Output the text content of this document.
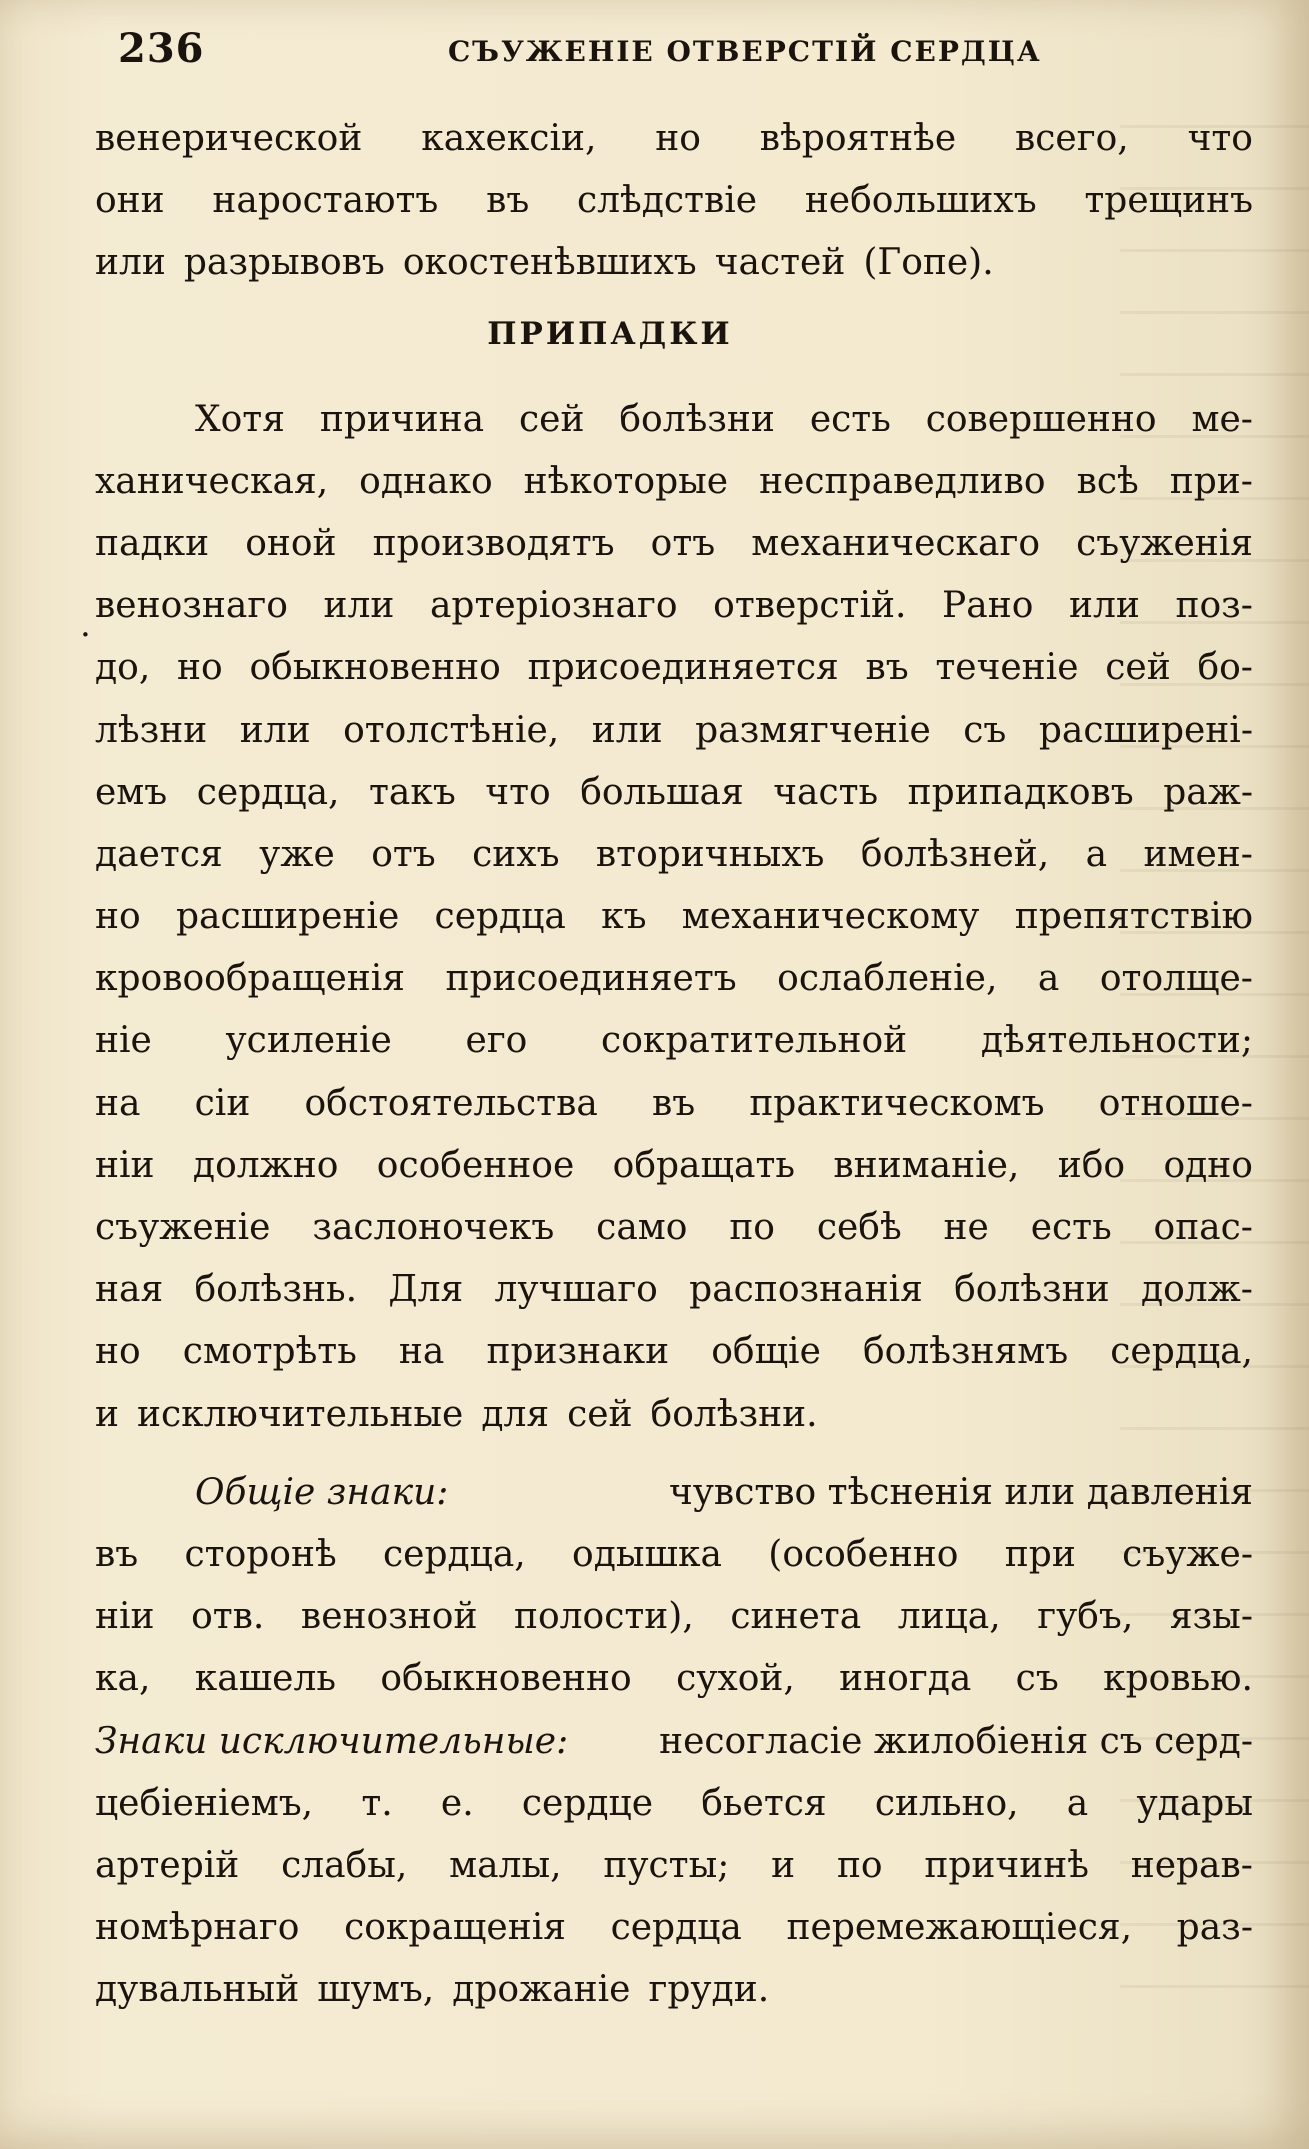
236	СЪУЖЕНІЕ ОТВЕРСТІЙ СЕРДЦА
.
венерической кахексіи, но вѣроятнѣе всего, что
они наростаютъ въ слѣдствіе небольшихъ трещинъ
или разрывовъ окостенѣвшихъ частей (Гопе).
ПРИПАДКИ
Хотя причина сей болѣзни есть совершенно ме-
ханическая, однако нѣкоторые несправедливо всѣ при-
падки оной производятъ отъ механическаго съуженія
венознаго или артеріознаго отверстій. Рано или поз-
до, но обыкновенно присоединяется въ теченіе сей бо-
лѣзни или отолстѣніе, или размягченіе съ расширені-
емъ сердца, такъ что большая часть припадковъ раж-
дается уже отъ сихъ вторичныхъ болѣзней, а имен-
но расширеніе сердца къ механическому препятствію
кровообращенія присоединяетъ ослабленіе, а отолще-
ніе усиленіе его сократительной дѣятельности;
на сіи обстоятельства въ практическомъ отноше-
ніи должно особенное обращать вниманіе, ибо одно
съуженіе заслоночекъ само по себѣ не есть опас-
ная болѣзнь. Для лучшаго распознанія болѣзни долж-
но смотрѣть на признаки общіе болѣзнямъ сердца,
и исключительные для сей болѣзни.
Общіе знаки:	чувство тѣсненія или давленія
въ сторонѣ сердца, одышка (особенно при съуже-
ніи отв. венозной полости), синета лица, губъ, язы-
ка, кашель обыкновенно сухой, иногда съ кровью.
Знаки исключительные:	несогласіе жилобіенія съ серд-
цебіеніемъ, т. е. сердце бьется сильно, а удары
артерій слабы, малы, пусты; и по причинѣ нерав-
номѣрнаго сокращенія сердца перемежающіеся, раз-
дувальный шумъ, дрожаніе груди.
